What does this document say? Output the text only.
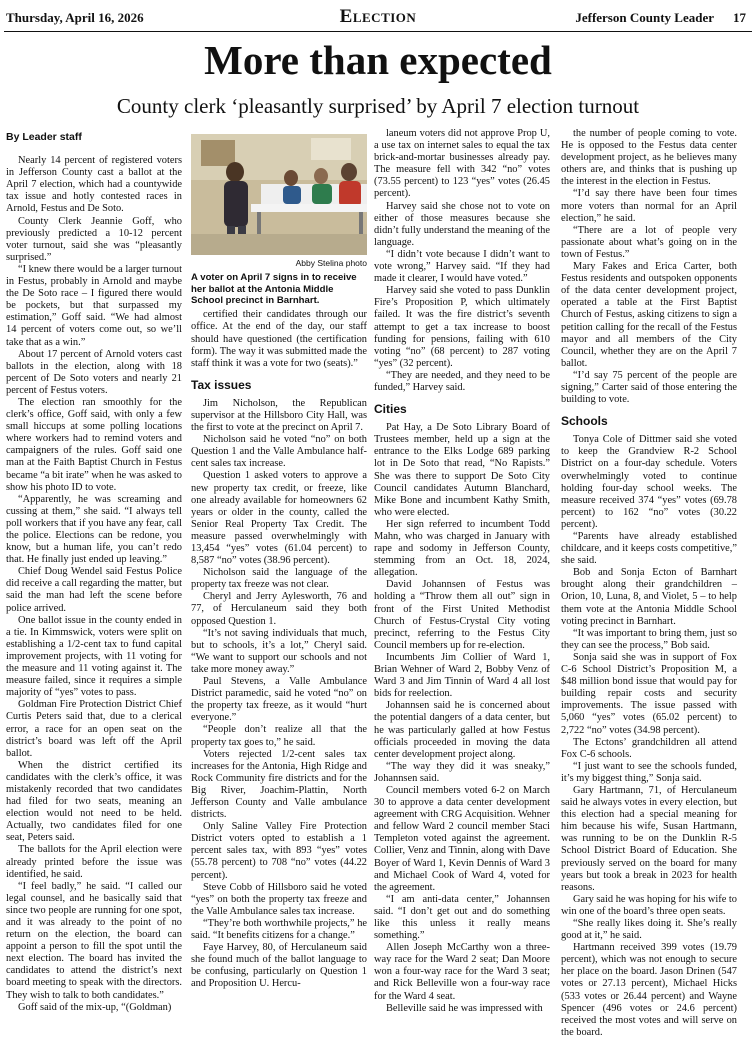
Thursday, April 16, 2026	Election	Jefferson County Leader 17
More than expected
County clerk ‘pleasantly surprised’ by April 7 election turnout
By Leader staff

Nearly 14 percent of registered voters in Jefferson County cast a ballot at the April 7 election, which had a countywide tax issue and hotly contested races in Arnold, Festus and De Soto.

County Clerk Jeannie Goff, who previously predicted a 10-12 percent voter turnout, said she was “pleasantly surprised.”

“I knew there would be a larger turnout in Festus, probably in Arnold and maybe the De Soto race – I figured there would be pockets, but that surpassed my estimation,” Goff said. “We had almost 14 percent of voters come out, so we’ll take that as a win.”

About 17 percent of Arnold voters cast ballots in the election, along with 18 percent of De Soto voters and nearly 21 percent of Festus voters.

The election ran smoothly for the clerk’s office, Goff said, with only a few small hiccups at some polling locations where workers had to remind voters and campaigners of the rules. Goff said one man at the Faith Baptist Church in Festus became “a bit irate” when he was asked to show his photo ID to vote.

“Apparently, he was screaming and cussing at them,” she said. “I always tell poll workers that if you have any fear, call the police. Elections can be redone, you know, but a human life, you can’t redo that. He finally just ended up leaving.”

Chief Doug Wendel said Festus Police did receive a call regarding the matter, but said the man had left the scene before police arrived.

One ballot issue in the county ended in a tie. In Kimmswick, voters were split on establishing a 1/2-cent tax to fund capital improvement projects, with 11 voting for the measure and 11 voting against it. The measure failed, since it requires a simple majority of “yes” votes to pass.

Goldman Fire Protection District Chief Curtis Peters said that, due to a clerical error, a race for an open seat on the district’s board was left off the April ballot.

When the district certified its candidates with the clerk’s office, it was mistakenly recorded that two candidates had filed for two seats, meaning an election would not need to be held. Actually, two candidates filed for one seat, Peters said.

The ballots for the April election were already printed before the issue was identified, he said.

“I feel badly,” he said. “I called our legal counsel, and he basically said that since two people are running for one spot, and it was already to the point of no return on the election, the board can appoint a person to fill the spot until the next election. The board has invited the candidates to attend the district’s next board meeting to speak with the directors. They wish to talk to both candidates.”

Goff said of the mix-up, “(Goldman)

Abby Stelina photo
A voter on April 7 signs in to receive her ballot at the Antonia Middle School precinct in Barnhart.

certified their candidates through our office. At the end of the day, our staff should have questioned (the certification form). The way it was submitted made the staff think it was a vote for two (seats).”

Tax issues

Jim Nicholson, the Republican supervisor at the Hillsboro City Hall, was the first to vote at the precinct on April 7.

Nicholson said he voted “no” on both Question 1 and the Valle Ambulance half-cent sales tax increase.

Question 1 asked voters to approve a new property tax credit, or freeze, like one already available for homeowners 62 years or older in the county, called the Senior Real Property Tax Credit. The measure passed overwhelmingly with 13,454 “yes” votes (61.04 percent) to 8,587 “no” votes (38.96 percent).

Nicholson said the language of the property tax freeze was not clear.

Cheryl and Jerry Aylesworth, 76 and 77, of Herculaneum said they both opposed Question 1.

“It’s not saving individuals that much, but to schools, it’s a lot,” Cheryl said. “We want to support our schools and not take more money away.”

Paul Stevens, a Valle Ambulance District paramedic, said he voted “no” on the property tax freeze, as it would “hurt everyone.”

“People don’t realize all that the property tax goes to,” he said.

Voters rejected 1/2-cent sales tax increases for the Antonia, High Ridge and Rock Community fire districts and for the Big River, Joachim-Plattin, North Jefferson County and Valle ambulance districts.

Only Saline Valley Fire Protection District voters opted to establish a 1 percent sales tax, with 893 “yes” votes (55.78 percent) to 708 “no” votes (44.22 percent).

Steve Cobb of Hillsboro said he voted “yes” on both the property tax freeze and the Valle Ambulance sales tax increase.

“They’re both worthwhile projects,” he said. “It benefits citizens for a change.”

Faye Harvey, 80, of Herculaneum said she found much of the ballot language to be confusing, particularly on Question 1 and Proposition U. Hercu-

laneum voters did not approve Prop U, a use tax on internet sales to equal the tax brick-and-mortar businesses already pay. The measure fell with 342 “no” votes (73.55 percent) to 123 “yes” votes (26.45 percent).

Harvey said she chose not to vote on either of those measures because she didn’t fully understand the meaning of the language.

“I didn’t vote because I didn’t want to vote wrong,” Harvey said. “If they had made it clearer, I would have voted.”

Harvey said she voted to pass Dunklin Fire’s Proposition P, which ultimately failed. It was the fire district’s seventh attempt to get a tax increase to boost funding for pensions, failing with 610 voting “no” (68 percent) to 287 voting “yes” (32 percent).

“They are needed, and they need to be funded,” Harvey said.

Cities

Pat Hay, a De Soto Library Board of Trustees member, held up a sign at the entrance to the Elks Lodge 689 parking lot in De Soto that read, “No Rapists.” She was there to support De Soto City Council candidates Autumn Blanchard, Mike Bone and incumbent Kathy Smith, who were elected.

Her sign referred to incumbent Todd Mahn, who was charged in January with rape and sodomy in Jefferson County, stemming from an Oct. 18, 2024, allegation.

David Johannsen of Festus was holding a “Throw them all out” sign in front of the First United Methodist Church of Festus-Crystal City voting precinct, referring to the Festus City Council members up for re-election.

Incumbents Jim Collier of Ward 1, Brian Wehner of Ward 2, Bobby Venz of Ward 3 and Jim Tinnin of Ward 4 all lost bids for reelection.

Johannsen said he is concerned about the potential dangers of a data center, but he was particularly galled at how Festus officials proceeded in moving the data center development project along.

“The way they did it was sneaky,” Johannsen said.

Council members voted 6-2 on March 30 to approve a data center development agreement with CRG Acquisition. Wehner and fellow Ward 2 council member Staci Templeton voted against the agreement. Collier, Venz and Tinnin, along with Dave Boyer of Ward 1, Kevin Dennis of Ward 3 and Michael Cook of Ward 4, voted for the agreement.

“I am anti-data center,” Johannsen said. “I don’t get out and do something like this unless it really means something.”

Allen Joseph McCarthy won a three-way race for the Ward 2 seat; Dan Moore won a four-way race for the Ward 3 seat; and Rick Belleville won a four-way race for the Ward 4 seat.

Belleville said he was impressed with

the number of people coming to vote. He is opposed to the Festus data center development project, as he believes many others are, and thinks that is pushing up the interest in the election in Festus.

“I’d say there have been four times more voters than normal for an April election,” he said.

“There are a lot of people very passionate about what’s going on in the town of Festus.”

Mary Fakes and Erica Carter, both Festus residents and outspoken opponents of the data center development project, operated a table at the First Baptist Church of Festus, asking citizens to sign a petition calling for the recall of the Festus mayor and all members of the City Council, whether they are on the April 7 ballot.

“I’d say 75 percent of the people are signing,” Carter said of those entering the building to vote.

Schools

Tonya Cole of Dittmer said she voted to keep the Grandview R-2 School District on a four-day schedule. Voters overwhelmingly voted to continue holding four-day school weeks. The measure received 374 “yes” votes (69.78 percent) to 162 “no” votes (30.22 percent).

“Parents have already established childcare, and it keeps costs competitive,” she said.

Bob and Sonja Ecton of Barnhart brought along their grandchildren – Orion, 10, Luna, 8, and Violet, 5 – to help them vote at the Antonia Middle School voting precinct in Barnhart.

“It was important to bring them, just so they can see the process,” Bob said.

Sonja said she was in support of Fox C-6 School District’s Proposition M, a $48 million bond issue that would pay for building repair costs and security improvements. The issue passed with 5,060 “yes” votes (65.02 percent) to 2,722 “no” votes (34.98 percent).

The Ectons’ grandchildren all attend Fox C-6 schools.

“I just want to see the schools funded, it’s my biggest thing,” Sonja said.

Gary Hartmann, 71, of Herculaneum said he always votes in every election, but this election had a special meaning for him because his wife, Susan Hartmann, was running to be on the Dunklin R-5 School District Board of Education. She previously served on the board for many years but took a break in 2023 for health reasons.

Gary said he was hoping for his wife to win one of the board’s three open seats.

“She really likes doing it. She’s really good at it,” he said.

Hartmann received 399 votes (19.79 percent), which was not enough to secure her place on the board. Jason Drinen (547 votes or 27.13 percent), Michael Hicks (533 votes or 26.44 percent) and Wayne Spencer (496 votes or 24.6 percent) received the most votes and will serve on the board.
